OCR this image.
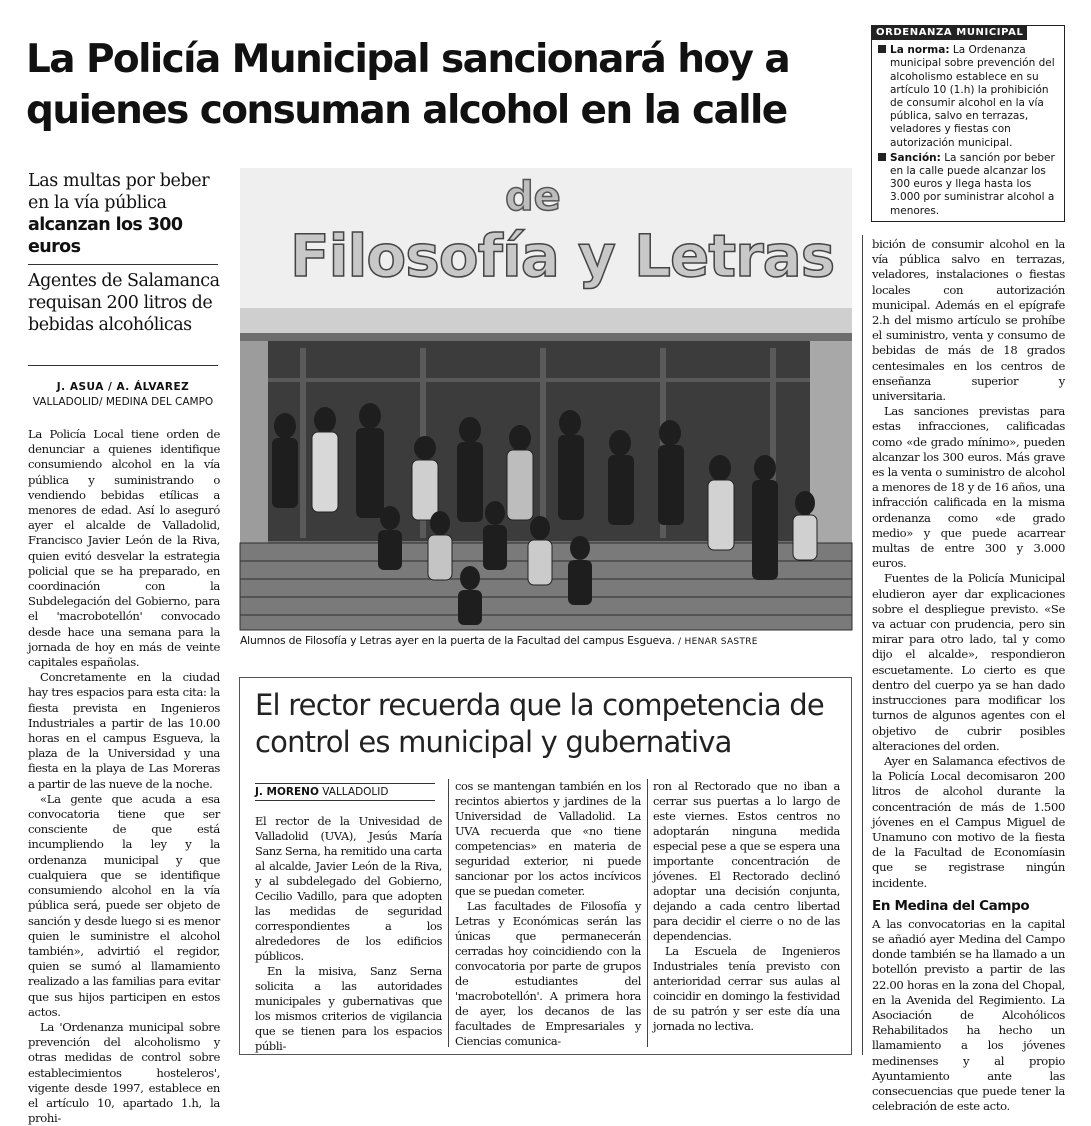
La Policía Municipal sancionará hoy a quienes consuman alcohol en la calle
ORDENANZA MUNICIPAL

La norma: La Ordenanza municipal sobre prevención del alcoholismo establece en su artículo 10 (1.h) la prohibición de consumir alcohol en la vía pública, salvo en terrazas, veladores y fiestas con autorización municipal.

Sanción: La sanción por beber en la calle puede alcanzar los 300 euros y llega hasta los 3.000 por suministrar alcohol a menores.

Las multas por beber en la vía pública alcanzan los 300 euros
Agentes de Salamanca requisan 200 litros de bebidas alcohólicas
J. ASUA / A. ÁLVAREZ
VALLADOLID/ MEDINA DEL CAMPO

La Policía Local tiene orden de denunciar a quienes identifique consumiendo alcohol en la vía pública y suministrando o vendiendo bebidas etílicas a menores de edad. Así lo aseguró ayer el alcalde de Valladolid, Francisco Javier León de la Riva, quien evitó desvelar la estrategia policial que se ha preparado, en coordinación con la Subdelegación del Gobierno, para el 'macrobotellón' convocado desde hace una semana para la jornada de hoy en más de veinte capitales españolas.

Concretamente en la ciudad hay tres espacios para esta cita: la fiesta prevista en Ingenieros Industriales a partir de las 10.00 horas en el campus Esgueva, la plaza de la Universidad y una fiesta en la playa de Las Moreras a partir de las nueve de la noche.

«La gente que acuda a esa convocatoria tiene que ser consciente de que está incumpliendo la ley y la ordenanza municipal y que cualquiera que se identifique consumiendo alcohol en la vía pública será, puede ser objeto de sanción y desde luego si es menor quien le suministre el alcohol también», advirtió el regidor, quien se sumó al llamamiento realizado a las familias para evitar que sus hijos participen en estos actos.

La 'Ordenanza municipal sobre prevención del alcoholismo y otras medidas de control sobre establecimientos hosteleros', vigente desde 1997, establece en el artículo 10, apartado 1.h, la prohi-

de
Filosofía y Letras
Alumnos de Filosofía y Letras ayer en la puerta de la Facultad del campus Esgueva. / HENAR SASTRE
El rector recuerda que la competencia de control es municipal y gubernativa
J. MORENO VALLADOLID

El rector de la Univesidad de Valladolid (UVA), Jesús María Sanz Serna, ha remitido una carta al alcalde, Javier León de la Riva, y al subdelegado del Gobierno, Cecilio Vadillo, para que adopten las medidas de seguridad correspondientes a los alrededores de los edificios públicos.

En la misiva, Sanz Serna solicita a las autoridades municipales y gubernativas que los mismos criterios de vigilancia que se tienen para los espacios públi-

cos se mantengan también en los recintos abiertos y jardines de la Universidad de Valladolid. La UVA recuerda que «no tiene competencias» en materia de seguridad exterior, ni puede sancionar por los actos incívicos que se puedan cometer.

Las facultades de Filosofía y Letras y Económicas serán las únicas que permanecerán cerradas hoy coincidiendo con la convocatoria por parte de grupos de estudiantes del 'macrobotellón'. A primera hora de ayer, los decanos de las facultades de Empresariales y Ciencias comunica-

ron al Rectorado que no iban a cerrar sus puertas a lo largo de este viernes. Estos centros no adoptarán ninguna medida especial pese a que se espera una importante concentración de jóvenes. El Rectorado declinó adoptar una decisión conjunta, dejando a cada centro libertad para decidir el cierre o no de las dependencias.

La Escuela de Ingenieros Industriales tenía previsto con anterioridad cerrar sus aulas al coincidir en domingo la festividad de su patrón y ser este día una jornada no lectiva.

bición de consumir alcohol en la vía pública salvo en terrazas, veladores, instalaciones o fiestas locales con autorización municipal. Además en el epígrafe 2.h del mismo artículo se prohíbe el suministro, venta y consumo de bebidas de más de 18 grados centesimales en los centros de enseñanza superior y universitaria.

Las sanciones previstas para estas infracciones, calificadas como «de grado mínimo», pueden alcanzar los 300 euros. Más grave es la venta o suministro de alcohol a menores de 18 y de 16 años, una infracción calificada en la misma ordenanza como «de grado medio» y que puede acarrear multas de entre 300 y 3.000 euros.

Fuentes de la Policía Municipal eludieron ayer dar explicaciones sobre el despliegue previsto. «Se va actuar con prudencia, pero sin mirar para otro lado, tal y como dijo el alcalde», respondieron escuetamente. Lo cierto es que dentro del cuerpo ya se han dado instrucciones para modificar los turnos de algunos agentes con el objetivo de cubrir posibles alteraciones del orden.

Ayer en Salamanca efectivos de la Policía Local decomisaron 200 litros de alcohol durante la concentración de más de 1.500 jóvenes en el Campus Miguel de Unamuno con motivo de la fiesta de la Facultad de Economíasin que se registrase ningún incidente.

En Medina del Campo

A las convocatorias en la capital se añadió ayer Medina del Campo donde también se ha llamado a un botellón previsto a partir de las 22.00 horas en la zona del Chopal, en la Avenida del Regimiento. La Asociación de Alcohólicos Rehabilitados ha hecho un llamamiento a los jóvenes medinenses y al propio Ayuntamiento ante las consecuencias que puede tener la celebración de este acto.
